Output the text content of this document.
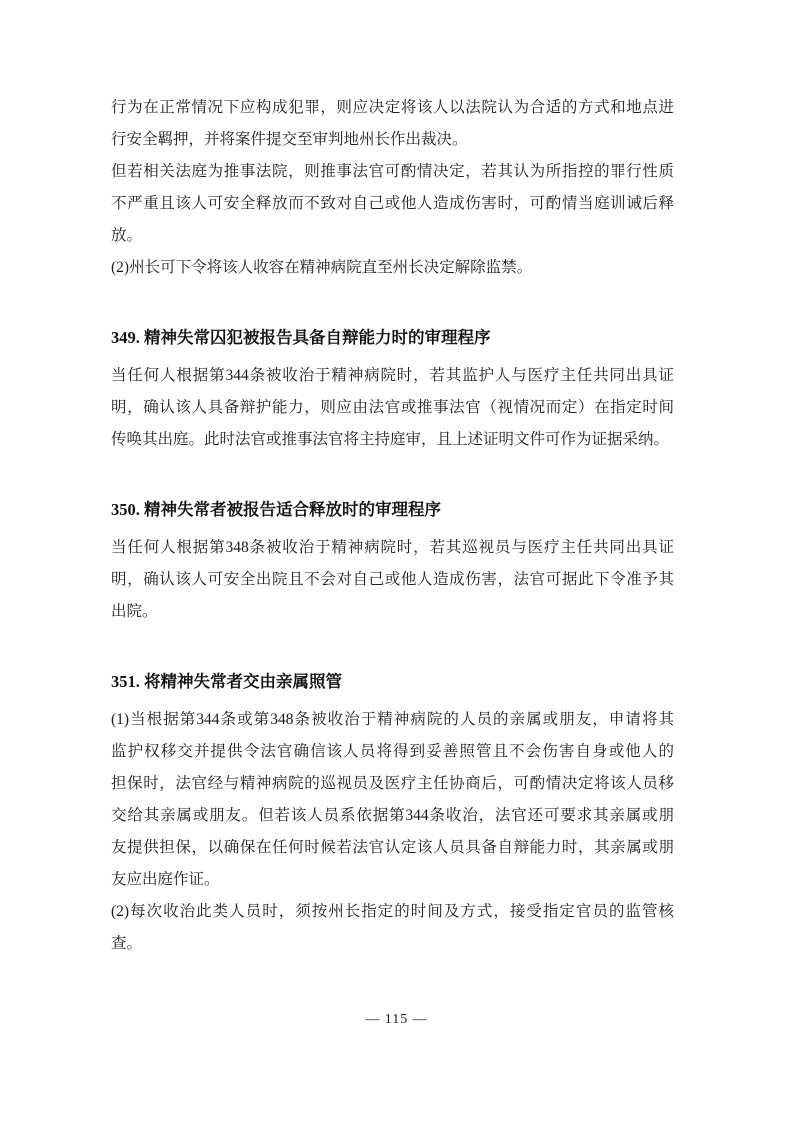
行为在正常情况下应构成犯罪，则应决定将该人以法院认为合适的方式和地点进
行安全羁押，并将案件提交至审判地州长作出裁决。
但若相关法庭为推事法院，则推事法官可酌情决定，若其认为所指控的罪行性质
不严重且该人可安全释放而不致对自己或他人造成伤害时，可酌情当庭训诫后释
放。
(2)州长可下令将该人收容在精神病院直至州长决定解除监禁。
349. 精神失常囚犯被报告具备自辩能力时的审理程序
当任何人根据第344条被收治于精神病院时，若其监护人与医疗主任共同出具证
明，确认该人具备辩护能力，则应由法官或推事法官（视情况而定）在指定时间
传唤其出庭。此时法官或推事法官将主持庭审，且上述证明文件可作为证据采纳。
350. 精神失常者被报告适合释放时的审理程序
当任何人根据第348条被收治于精神病院时，若其巡视员与医疗主任共同出具证
明，确认该人可安全出院且不会对自己或他人造成伤害，法官可据此下令准予其
出院。
351. 将精神失常者交由亲属照管
(1)当根据第344条或第348条被收治于精神病院的人员的亲属或朋友，申请将其
监护权移交并提供令法官确信该人员将得到妥善照管且不会伤害自身或他人的
担保时，法官经与精神病院的巡视员及医疗主任协商后，可酌情决定将该人员移
交给其亲属或朋友。但若该人员系依据第344条收治，法官还可要求其亲属或朋
友提供担保，以确保在任何时候若法官认定该人员具备自辩能力时，其亲属或朋
友应出庭作证。
(2)每次收治此类人员时，须按州长指定的时间及方式，接受指定官员的监管核
查。
— 115 —
